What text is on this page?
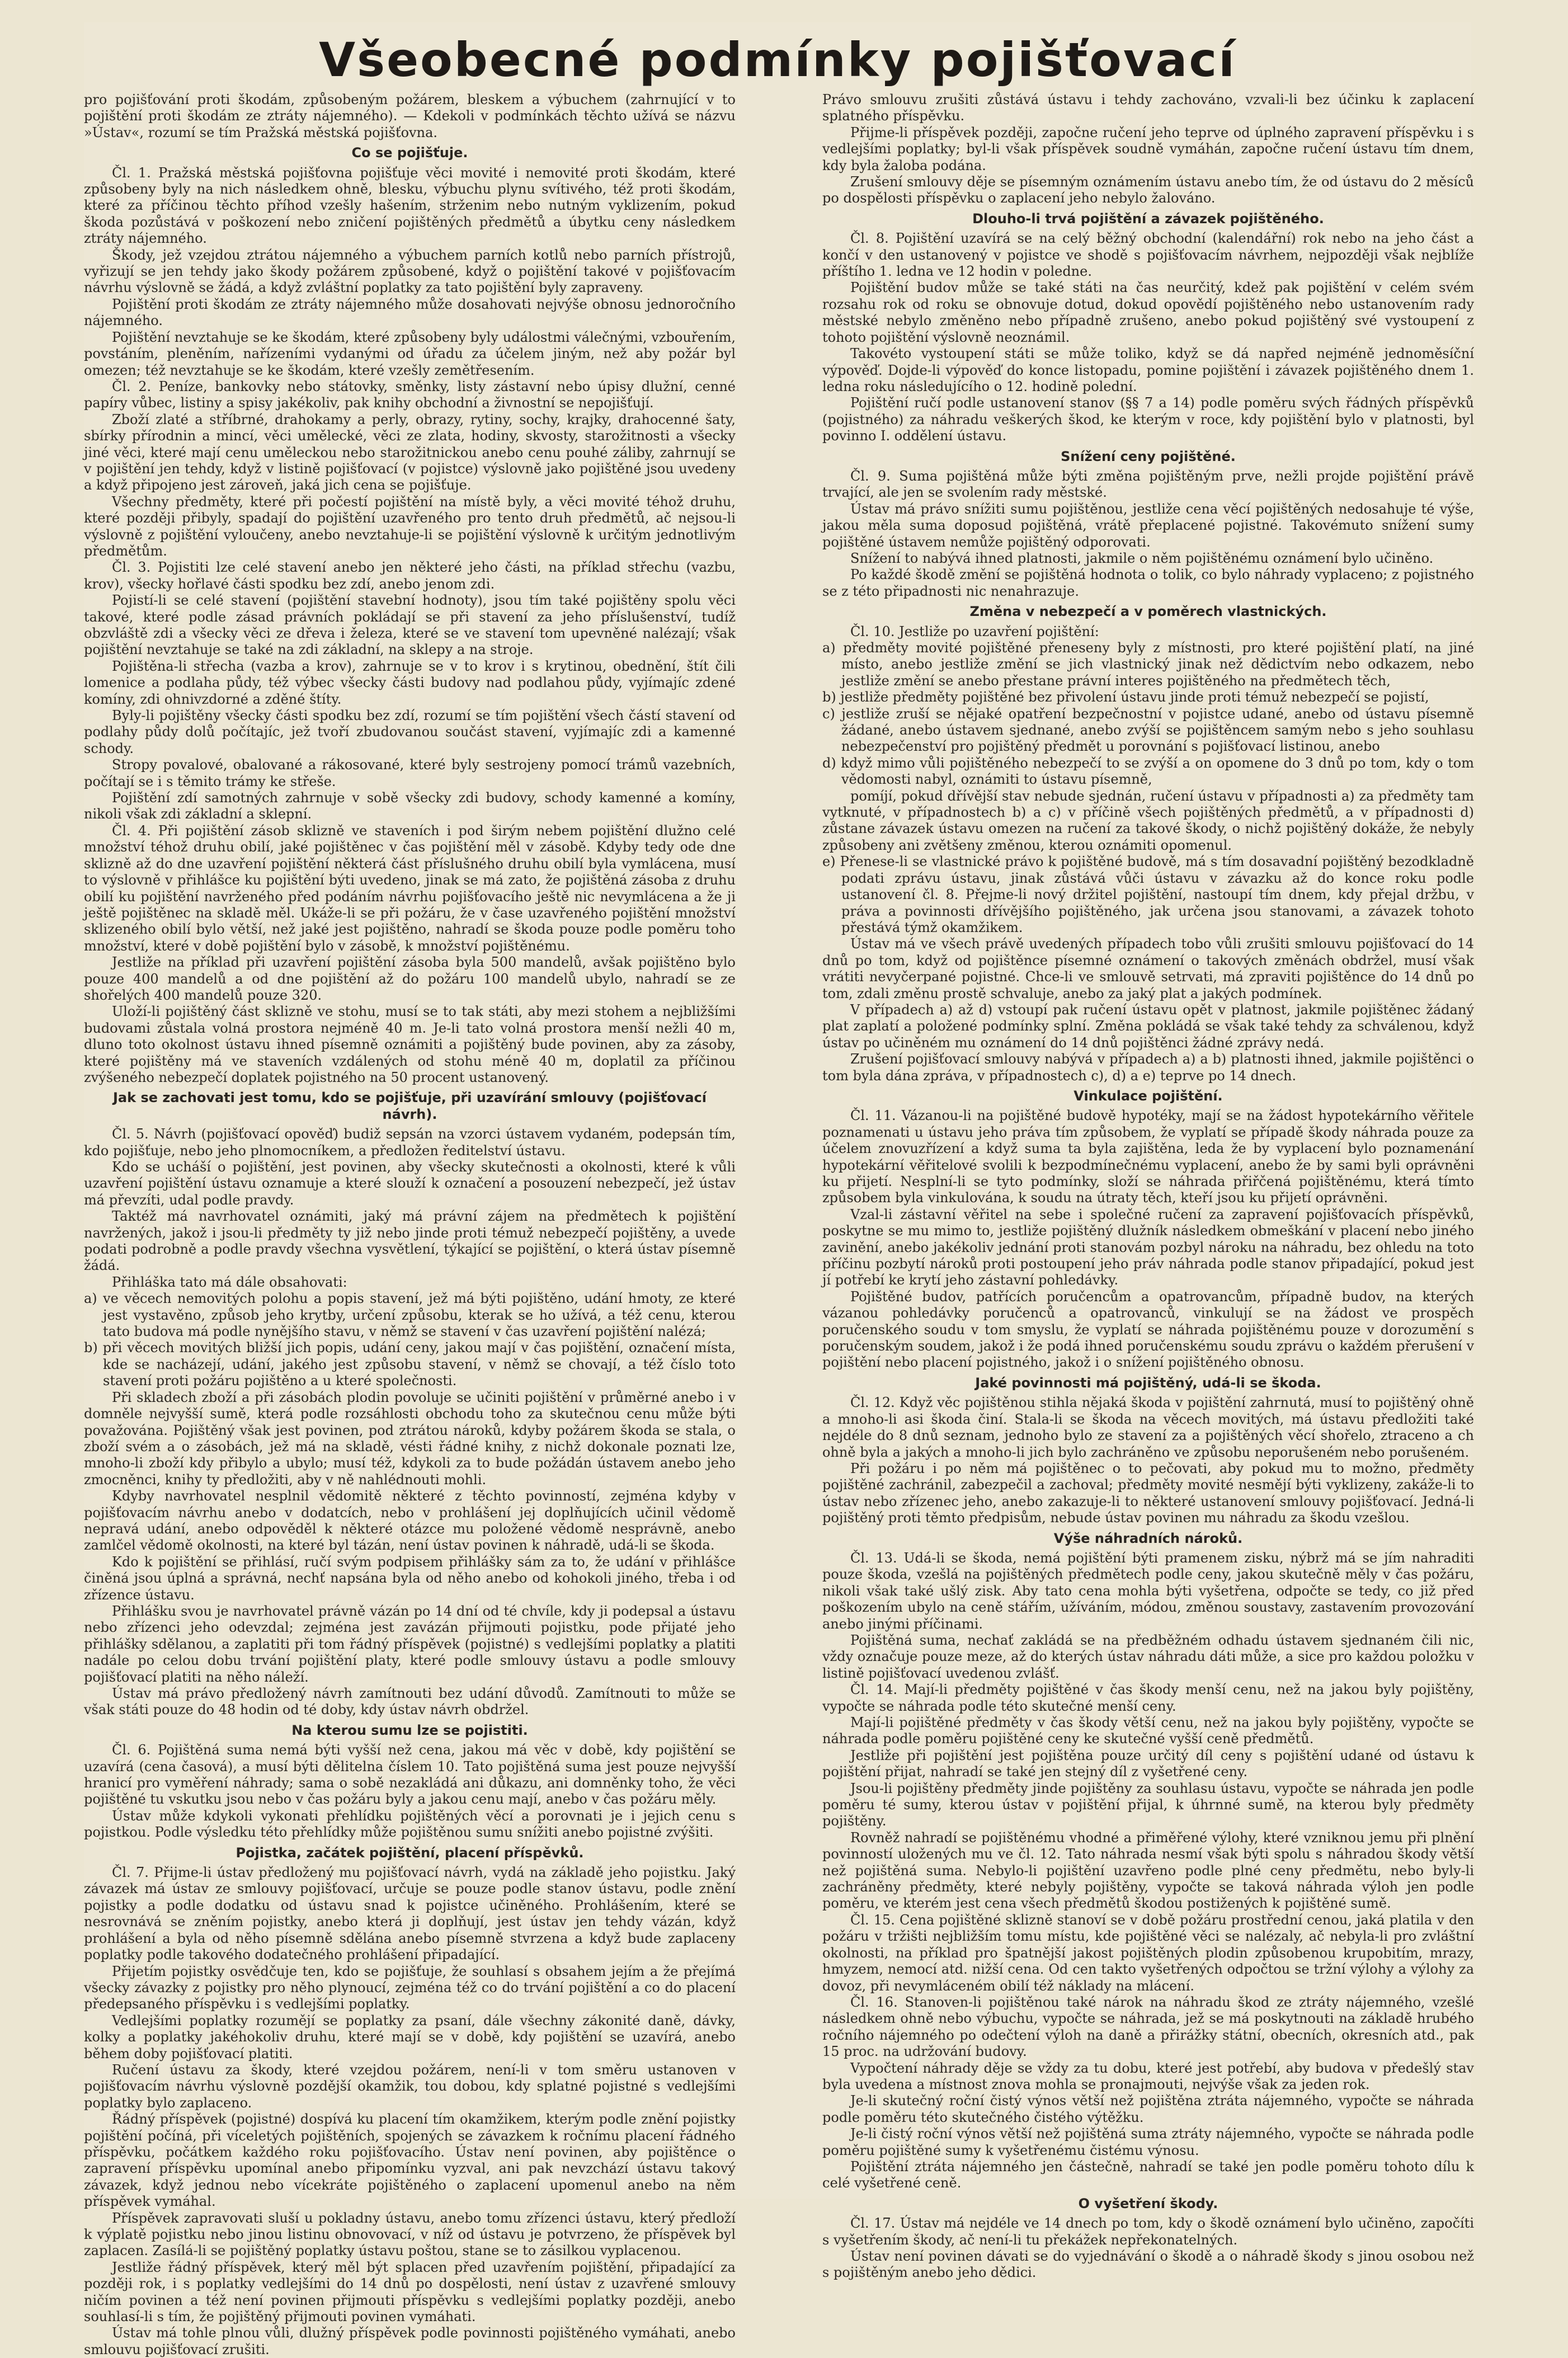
Všeobecné podmínky pojišťovací

pro pojišťování proti škodám, způsobeným požárem, bleskem a výbuchem (zahrnující v to pojištění proti škodám ze ztráty nájemného). — Kdekoli v podmínkách těchto užívá se názvu »Ústav«, rozumí se tím Pražská městská pojišťovna.

Co se pojišťuje.

Čl. 1. Pražská městská pojišťovna pojišťuje věci movité i nemovité proti škodám, které způsobeny byly na nich následkem ohně, blesku, výbuchu plynu svítivého, též proti škodám, které za příčinou těchto příhod vzešly hašením, strženim nebo nutným vyklizením, pokud škoda pozůstává v poškození nebo zničení pojištěných předmětů a úbytku ceny následkem ztráty nájemného.

Škody, jež vzejdou ztrátou nájemného a výbuchem parních kotlů nebo parních přístrojů, vyřizují se jen tehdy jako škody požárem způsobené, když o pojištění takové v pojišťovacím návrhu výslovně se žádá, a když zvláštní poplatky za tato pojištění byly zapraveny.

Pojištění proti škodám ze ztráty nájemného může dosahovati nejvýše obnosu jednoročního nájemného.

Pojištění nevztahuje se ke škodám, které způsobeny byly událostmi válečnými, vzbouřením, povstáním, pleněním, nařízeními vydanými od úřadu za účelem jiným, než aby požár byl omezen; též nevztahuje se ke škodám, které vzešly zemětřesením.

Čl. 2. Peníze, bankovky nebo státovky, směnky, listy zástavní nebo úpisy dlužní, cenné papíry vůbec, listiny a spisy jakékoliv, pak knihy obchodní a živnostní se nepojišťují.

Zboží zlaté a stříbrné, drahokamy a perly, obrazy, rytiny, sochy, krajky, drahocenné šaty, sbírky přírodnin a mincí, věci umělecké, věci ze zlata, hodiny, skvosty, starožitnosti a všecky jiné věci, které mají cenu uměleckou nebo starožitnickou anebo cenu pouhé záliby, zahrnují se v pojištění jen tehdy, když v listině pojišťovací (v pojistce) výslovně jako pojištěné jsou uvedeny a když připojeno jest zároveň, jaká jich cena se pojišťuje.

Všechny předměty, které při počestí pojištění na místě byly, a věci movité téhož druhu, které později přibyly, spadají do pojištění uzavřeného pro tento druh předmětů, ač nejsou-li výslovně z pojištění vyloučeny, anebo nevztahuje-li se pojištění výslovně k určitým jednotlivým předmětům.

Čl. 3. Pojistiti lze celé stavení anebo jen některé jeho části, na příklad střechu (vazbu, krov), všecky hořlavé části spodku bez zdí, anebo jenom zdi.

Pojistí-li se celé stavení (pojištění stavební hodnoty), jsou tím také pojištěny spolu věci takové, které podle zásad právních pokládají se při stavení za jeho příslušenství, tudíž obzvláště zdi a všecky věci ze dřeva i železa, které se ve stavení tom upevněné nalézají; však pojištění nevztahuje se také na zdi základní, na sklepy a na stroje.

Pojištěna-li střecha (vazba a krov), zahrnuje se v to krov i s krytinou, obednění, štít čili lomenice a podlaha půdy, též výbec všecky části budovy nad podlahou půdy, vyjímajíc zdené komíny, zdi ohnivzdorné a zděné štíty.

Byly-li pojištěny všecky části spodku bez zdí, rozumí se tím pojištění všech částí stavení od podlahy půdy dolů počítajíc, jež tvoří zbudovanou součást stavení, vyjímajíc zdi a kamenné schody.

Stropy povalové, obalované a rákosované, které byly sestrojeny pomocí trámů vazebních, počítají se i s těmito trámy ke střeše.

Pojištění zdí samotných zahrnuje v sobě všecky zdi budovy, schody kamenné a komíny, nikoli však zdi základní a sklepní.

Čl. 4. Při pojištění zásob sklizně ve staveních i pod širým nebem pojištění dlužno celé množství téhož druhu obilí, jaké pojištěnec v čas pojištění měl v zásobě. Kdyby tedy ode dne sklizně až do dne uzavření pojištění některá část příslušného druhu obilí byla vymlácena, musí to výslovně v přihlášce ku pojištění býti uvedeno, jinak se má zato, že pojištěná zásoba z druhu obilí ku pojištění navrženého před podáním návrhu pojišťovacího ještě nic nevymlácena a že ji ještě pojištěnec na skladě měl. Ukáže-li se při požáru, že v čase uzavřeného pojištění množství sklizeného obilí bylo větší, než jaké jest pojištěno, nahradí se škoda pouze podle poměru toho množství, které v době pojištění bylo v zásobě, k množství pojištěnému.

Jestliže na příklad při uzavření pojištění zásoba byla 500 mandelů, avšak pojištěno bylo pouze 400 mandelů a od dne pojištění až do požáru 100 mandelů ubylo, nahradí se ze shořelých 400 mandelů pouze 320.

Uloží-li pojištěný část sklizně ve stohu, musí se to tak státi, aby mezi stohem a nejbližšími budovami zůstala volná prostora nejméně 40 m. Je-li tato volná prostora menší nežli 40 m, dluno toto okolnost ústavu ihned písemně oznámiti a pojištěný bude povinen, aby za zásoby, které pojištěny má ve staveních vzdálených od stohu méně 40 m, doplatil za příčinou zvýšeného nebezpečí doplatek pojistného na 50 procent ustanovený.

Jak se zachovati jest tomu, kdo se pojišťuje, při uzavírání smlouvy (pojišťovací návrh).

Čl. 5. Návrh (pojišťovací opověď) budiž sepsán na vzorci ústavem vydaném, podepsán tím, kdo pojišťuje, nebo jeho plnomocníkem, a předložen ředitelství ústavu.

Kdo se ucháší o pojištění, jest povinen, aby všecky skutečnosti a okolnosti, které k vůli uzavření pojištění ústavu oznamuje a které slouží k označení a posouzení nebezpečí, jež ústav má převzíti, udal podle pravdy.

Taktéž má navrhovatel oznámiti, jaký má právní zájem na předmětech k pojištění navržených, jakož i jsou-li předměty ty již nebo jinde proti témuž nebezpečí pojištěny, a uvede podati podrobně a podle pravdy všechna vysvětlení, týkající se pojištění, o která ústav písemně žádá.

Přihláška tato má dále obsahovati:

a) ve věcech nemovitých polohu a popis stavení, jež má býti pojištěno, udání hmoty, ze které jest vystavěno, způsob jeho krytby, určení způsobu, kterak se ho užívá, a též cenu, kterou tato budova má podle nynějšího stavu, v němž se stavení v čas uzavření pojištění nalézá;

b) při věcech movitých bližší jich popis, udání ceny, jakou mají v čas pojištění, označení místa, kde se nacházejí, udání, jakého jest způsobu stavení, v němž se chovají, a též číslo toto stavení proti požáru pojištěno a u které společnosti.

Při skladech zboží a při zásobách plodin povoluje se učiniti pojištění v průměrné anebo i v domněle nejvyšší sumě, která podle rozsáhlosti obchodu toho za skutečnou cenu může býti považována. Pojištěný však jest povinen, pod ztrátou nároků, kdyby požárem škoda se stala, o zboží svém a o zásobách, jež má na skladě, vésti řádné knihy, z nichž dokonale poznati lze, mnoho-li zboží kdy přibylo a ubylo; musí též, kdykoli za to bude požádán ústavem anebo jeho zmocněnci, knihy ty předložiti, aby v ně nahlédnouti mohli.

Kdyby navrhovatel nesplnil vědomitě některé z těchto povinností, zejména kdyby v pojišťovacím návrhu anebo v dodatcích, nebo v prohlášení jej doplňujících učinil vědomě nepravá udání, anebo odpověděl k některé otázce mu položené vědomě nesprávně, anebo zamlčel vědomě okolnosti, na které byl tázán, není ústav povinen k náhradě, udá-li se škoda.

Kdo k pojištění se přihlásí, ručí svým podpisem přihlášky sám za to, že udání v přihlášce činěná jsou úplná a správná, nechť napsána byla od něho anebo od kohokoli jiného, třeba i od zřízence ústavu.

Přihlášku svou je navrhovatel právně vázán po 14 dní od té chvíle, kdy ji podepsal a ústavu nebo zřízenci jeho odevzdal; zejména jest zavázán přijmouti pojistku, pode přijaté jeho přihlášky sdělanou, a zaplatiti při tom řádný příspěvek (pojistné) s vedlejšími poplatky a platiti nadále po celou dobu trvání pojištění platy, které podle smlouvy ústavu a podle smlouvy pojišťovací platiti na něho náleží.

Ústav má právo předložený návrh zamítnouti bez udání důvodů. Zamítnouti to může se však státi pouze do 48 hodin od té doby, kdy ústav návrh obdržel.

Na kterou sumu lze se pojistiti.

Čl. 6. Pojištěná suma nemá býti vyšší než cena, jakou má věc v době, kdy pojištění se uzavírá (cena časová), a musí býti dělitelna číslem 10. Tato pojištěná suma jest pouze nejvyšší hranicí pro vyměření náhrady; sama o sobě nezakládá ani důkazu, ani domněnky toho, že věci pojištěné tu vskutku jsou nebo v čas požáru byly a jakou cenu mají, anebo v čas požáru měly.

Ústav může kdykoli vykonati přehlídku pojištěných věcí a porovnati je i jejich cenu s pojistkou. Podle výsledku této přehlídky může pojištěnou sumu snížiti anebo pojistné zvýšiti.

Pojistka, začátek pojištění, placení příspěvků.

Čl. 7. Přijme-li ústav předložený mu pojišťovací návrh, vydá na základě jeho pojistku. Jaký závazek má ústav ze smlouvy pojišťovací, určuje se pouze podle stanov ústavu, podle znění pojistky a podle dodatku od ústavu snad k pojistce učiněného. Prohlášením, které se nesrovnává se zněním pojistky, anebo která ji doplňují, jest ústav jen tehdy vázán, když prohlášení a byla od něho písemně sdělána anebo písemně stvrzena a když bude zaplaceny poplatky podle takového dodatečného prohlášení připadající.

Přijetím pojistky osvědčuje ten, kdo se pojišťuje, že souhlasí s obsahem jejím a že přejímá všecky závazky z pojistky pro něho plynoucí, zejména též co do trvání pojištění a co do placení předepsaného příspěvku i s vedlejšími poplatky.

Vedlejšími poplatky rozumějí se poplatky za psaní, dále všechny zákonité daně, dávky, kolky a poplatky jakéhokoliv druhu, které mají se v době, kdy pojištění se uzavírá, anebo během doby pojišťovací platiti.

Ručení ústavu za škody, které vzejdou požárem, není-li v tom směru ustanoven v pojišťovacím návrhu výslovně pozdější okamžik, tou dobou, kdy splatné pojistné s vedlejšími poplatky bylo zaplaceno.

Řádný příspěvek (pojistné) dospívá ku placení tím okamžikem, kterým podle znění pojistky pojištění počíná, při víceletých pojištěních, spojených se závazkem k ročnímu placení řádného příspěvku, počátkem každého roku pojišťovacího. Ústav není povinen, aby pojištěnce o zapravení příspěvku upomínal anebo připomínku vyzval, ani pak nevzchází ústavu takový závazek, když jednou nebo vícekráte pojištěného o zaplacení upomenul anebo na něm příspěvek vymáhal.

Příspěvek zapravovati sluší u pokladny ústavu, anebo tomu zřízenci ústavu, který předloží k výplatě pojistku nebo jinou listinu obnovovací, v níž od ústavu je potvrzeno, že příspěvek byl zaplacen. Zasílá-li se pojištěný poplatky ústavu poštou, stane se to zásilkou vyplacenou.

Jestliže řádný příspěvek, který měl být splacen před uzavřením pojištění, připadající za později rok, i s poplatky vedlejšími do 14 dnů po dospělosti, není ústav z uzavřené smlouvy ničím povinen a též není povinen přijmouti příspěvku s vedlejšími poplatky později, anebo souhlasí-li s tím, že pojištěný přijmouti povinen vymáhati.

Ústav má tohle plnou vůli, dlužný příspěvek podle povinnosti pojištěného vymáhati, anebo smlouvu pojišťovací zrušiti.

Právo smlouvu zrušiti zůstává ústavu i tehdy zachováno, vzvali-li bez účinku k zaplacení splatného příspěvku.

Přijme-li příspěvek později, započne ručení jeho teprve od úplného zapravení příspěvku i s vedlejšími poplatky; byl-li však příspěvek soudně vymáhán, započne ručení ústavu tím dnem, kdy byla žaloba podána.

Zrušení smlouvy děje se písemným oznámením ústavu anebo tím, že od ústavu do 2 měsíců po dospělosti příspěvku o zaplacení jeho nebylo žalováno.

Dlouho-li trvá pojištění a závazek pojištěného.

Čl. 8. Pojištění uzavírá se na celý běžný obchodní (kalendářní) rok nebo na jeho část a končí v den ustanovený v pojistce ve shodě s pojišťovacím návrhem, nejpozději však nejblíže příštího 1. ledna ve 12 hodin v poledne.

Pojištění budov může se také státi na čas neurčitý, kdež pak pojištění v celém svém rozsahu rok od roku se obnovuje dotud, dokud opovědí pojištěného nebo ustanovením rady městské nebylo změněno nebo případně zrušeno, anebo pokud pojištěný své vystoupení z tohoto pojištění výslovně neoznámil.

Takovéto vystoupení státi se může toliko, když se dá napřed nejméně jednoměsíční výpověď. Dojde-li výpověď do konce listopadu, pomine pojištění i závazek pojištěného dnem 1. ledna roku následujícího o 12. hodině polední.

Pojištění ručí podle ustanovení stanov (§§ 7 a 14) podle poměru svých řádných příspěvků (pojistného) za náhradu veškerých škod, ke kterým v roce, kdy pojištění bylo v platnosti, byl povinno I. oddělení ústavu.

Snížení ceny pojištěné.

Čl. 9. Suma pojištěná může býti změna pojištěným prve, nežli projde pojištění právě trvající, ale jen se svolením rady městské.

Ústav má právo snížiti sumu pojištěnou, jestliže cena věcí pojištěných nedosahuje té výše, jakou měla suma doposud pojištěná, vrátě přeplacené pojistné. Takovémuto snížení sumy pojištěné ústavem nemůže pojištěný odporovati.

Snížení to nabývá ihned platnosti, jakmile o něm pojištěnému oznámení bylo učiněno.

Po každé škodě změní se pojištěná hodnota o tolik, co bylo náhrady vyplaceno; z pojistného se z této připadnosti nic nenahrazuje.

Změna v nebezpečí a v poměrech vlastnických.

Čl. 10. Jestliže po uzavření pojištění:

a) předměty movité pojištěné přeneseny byly z místnosti, pro které pojištění platí, na jiné místo, anebo jestliže změní se jich vlastnický jinak než dědictvím nebo odkazem, nebo jestliže změní se anebo přestane právní interes pojištěného na předmětech těch,

b) jestliže předměty pojištěné bez přivolení ústavu jinde proti témuž nebezpečí se pojistí,

c) jestliže zruší se nějaké opatření bezpečnostní v pojistce udané, anebo od ústavu písemně žádané, anebo ústavem sjednané, anebo zvýší se pojištěncem samým nebo s jeho souhlasu nebezpečenství pro pojištěný předmět u porovnání s pojišťovací listinou, anebo

d) když mimo vůli pojištěného nebezpečí to se zvýší a on opomene do 3 dnů po tom, kdy o tom vědomosti nabyl, oznámiti to ústavu písemně,

pomíjí, pokud dřívější stav nebude sjednán, ručení ústavu v případnosti a) za předměty tam vytknuté, v případnostech b) a c) v příčině všech pojištěných předmětů, a v případnosti d) zůstane závazek ústavu omezen na ručení za takové škody, o nichž pojištěný dokáže, že nebyly způsobeny ani zvětšeny změnou, kterou oznámiti opomenul.

e) Přenese-li se vlastnické právo k pojištěné budově, má s tím dosavadní pojištěný bezodkladně podati zprávu ústavu, jinak zůstává vůči ústavu v závazku až do konce roku podle ustanovení čl. 8. Přejme-li nový držitel pojištění, nastoupí tím dnem, kdy přejal držbu, v práva a povinnosti dřívějšího pojištěného, jak určena jsou stanovami, a závazek tohoto přestává týmž okamžikem.

Ústav má ve všech právě uvedených případech tobo vůli zrušiti smlouvu pojišťovací do 14 dnů po tom, když od pojištěnce písemné oznámení o takových změnách obdržel, musí však vrátiti nevyčerpané pojistné. Chce-li ve smlouvě setrvati, má zpraviti pojištěnce do 14 dnů po tom, zdali změnu prostě schvaluje, anebo za jaký plat a jakých podmínek.

V případech a) až d) vstoupí pak ručení ústavu opět v platnost, jakmile pojištěnec žádaný plat zaplatí a položené podmínky splní. Změna pokládá se však také tehdy za schválenou, když ústav po učiněném mu oznámení do 14 dnů pojištěnci žádné zprávy nedá.

Zrušení pojišťovací smlouvy nabývá v případech a) a b) platnosti ihned, jakmile pojištěnci o tom byla dána zpráva, v případnostech c), d) a e) teprve po 14 dnech.

Vinkulace pojištění.

Čl. 11. Vázanou-li na pojištěné budově hypotéky, mají se na žádost hypotekárního věřitele poznamenati u ústavu jeho práva tím způsobem, že vyplatí se případě škody náhrada pouze za účelem znovuzřízení a když suma ta byla zajištěna, leda že by vyplacení bylo poznamenání hypotekární věřitelové svolili k bezpodmínečnému vyplacení, anebo že by sami byli oprávněni ku přijetí. Nesplní-li se tyto podmínky, složí se náhrada přiřčená pojištěnému, která tímto způsobem byla vinkulována, k soudu na útraty těch, kteří jsou ku přijetí oprávněni.

Vzal-li zástavní věřitel na sebe i společné ručení za zapravení pojišťovacích příspěvků, poskytne se mu mimo to, jestliže pojištěný dlužník následkem obmeškání v placení nebo jiného zavinění, anebo jakékoliv jednání proti stanovám pozbyl nároku na náhradu, bez ohledu na toto příčinu pozbytí nároků proti postoupení jeho práv náhrada podle stanov připadající, pokud jest jí potřebí ke krytí jeho zástavní pohledávky.

Pojištěné budov, patřících poručencům a opatrovancům, případně budov, na kterých vázanou pohledávky poručenců a opatrovanců, vinkulují se na žádost ve prospěch poručenského soudu v tom smyslu, že vyplatí se náhrada pojištěnému pouze v dorozumění s poručenským soudem, jakož i že podá ihned poručenskému soudu zprávu o každém přerušení v pojištění nebo placení pojistného, jakož i o snížení pojištěného obnosu.

Jaké povinnosti má pojištěný, udá-li se škoda.

Čl. 12. Když věc pojištěnou stihla nějaká škoda v pojištění zahrnutá, musí to pojištěný ohně a mnoho-li asi škoda činí. Stala-li se škoda na věcech movitých, má ústavu předložiti také nejdéle do 8 dnů seznam, jednoho bylo ze stavení za a pojištěných věcí shořelo, ztraceno a ch ohně byla a jakých a mnoho-li jich bylo zachráněno ve způsobu neporušeném nebo porušeném.

Při požáru i po něm má pojištěnec o to pečovati, aby pokud mu to možno, předměty pojištěné zachránil, zabezpečil a zachoval; předměty movité nesmějí býti vyklizeny, zakáže-li to ústav nebo zřízenec jeho, anebo zakazuje-li to některé ustanovení smlouvy pojišťovací. Jedná-li pojištěný proti těmto předpisům, nebude ústav povinen mu náhradu za škodu vzešlou.

Výše náhradních nároků.

Čl. 13. Udá-li se škoda, nemá pojištění býti pramenem zisku, nýbrž má se jím nahraditi pouze škoda, vzešlá na pojištěných předmětech podle ceny, jakou skutečně měly v čas požáru, nikoli však také ušlý zisk. Aby tato cena mohla býti vyšetřena, odpočte se tedy, co již před poškozením ubylo na ceně stářím, užíváním, módou, změnou soustavy, zastavením provozování anebo jinými příčinami.

Pojištěná suma, nechať zakládá se na předběžném odhadu ústavem sjednaném čili nic, vždy označuje pouze meze, až do kterých ústav náhradu dáti může, a sice pro každou položku v listině pojišťovací uvedenou zvlášť.

Čl. 14. Mají-li předměty pojištěné v čas škody menší cenu, než na jakou byly pojištěny, vypočte se náhrada podle této skutečné menší ceny.

Mají-li pojištěné předměty v čas škody větší cenu, než na jakou byly pojištěny, vypočte se náhrada podle poměru pojištěné ceny ke skutečné vyšší ceně předmětů.

Jestliže při pojištění jest pojištěna pouze určitý díl ceny s pojištění udané od ústavu k pojištění přijat, nahradí se také jen stejný díl z vyšetřené ceny.

Jsou-li pojištěny předměty jinde pojištěny za souhlasu ústavu, vypočte se náhrada jen podle poměru té sumy, kterou ústav v pojištění přijal, k úhrnné sumě, na kterou byly předměty pojištěny.

Rovněž nahradí se pojištěnému vhodné a přiměřené výlohy, které vzniknou jemu při plnění povinností uložených mu ve čl. 12. Tato náhrada nesmí však býti spolu s náhradou škody větší než pojištěná suma. Nebylo-li pojištění uzavřeno podle plné ceny předmětu, nebo byly-li zachráněny předměty, které nebyly pojištěny, vypočte se taková náhrada výloh jen podle poměru, ve kterém jest cena všech předmětů škodou postižených k pojištěné sumě.

Čl. 15. Cena pojištěné sklizně stanoví se v době požáru prostřední cenou, jaká platila v den požáru v tržišti nejbližším tomu místu, kde pojištěné věci se nalézaly, ač nebyla-li pro zvláštní okolnosti, na příklad pro špatnější jakost pojištěných plodin způsobenou krupobitím, mrazy, hmyzem, nemocí atd. nižší cena. Od cen takto vyšetřených odpočtou se tržní výlohy a výlohy za dovoz, při nevymláceném obilí též náklady na mlácení.

Čl. 16. Stanoven-li pojištěnou také nárok na náhradu škod ze ztráty nájemného, vzešlé následkem ohně nebo výbuchu, vypočte se náhrada, jež se má poskytnouti na základě hrubého ročního nájemného po odečtení výloh na daně a přirážky státní, obecních, okresních atd., pak 15 proc. na udržování budovy.

Vypočtení náhrady děje se vždy za tu dobu, které jest potřebí, aby budova v předešlý stav byla uvedena a místnost znova mohla se pronajmouti, nejvýše však za jeden rok.

Je-li skutečný roční čistý výnos větší než pojištěna ztráta nájemného, vypočte se náhrada podle poměru této skutečného čistého výtěžku.

Je-li čistý roční výnos větší než pojištěná suma ztráty nájemného, vypočte se náhrada podle poměru pojištěné sumy k vyšetřenému čistému výnosu.

Pojištění ztráta nájemného jen částečně, nahradí se také jen podle poměru tohoto dílu k celé vyšetřené ceně.

O vyšetření škody.

Čl. 17. Ústav má nejdéle ve 14 dnech po tom, kdy o škodě oznámení bylo učiněno, započíti s vyšetřením škody, ač není-li tu překážek nepřekonatelných.

Ústav není povinen dávati se do vyjednávání o škodě a o náhradě škody s jinou osobou než s pojištěným anebo jeho dědici.
